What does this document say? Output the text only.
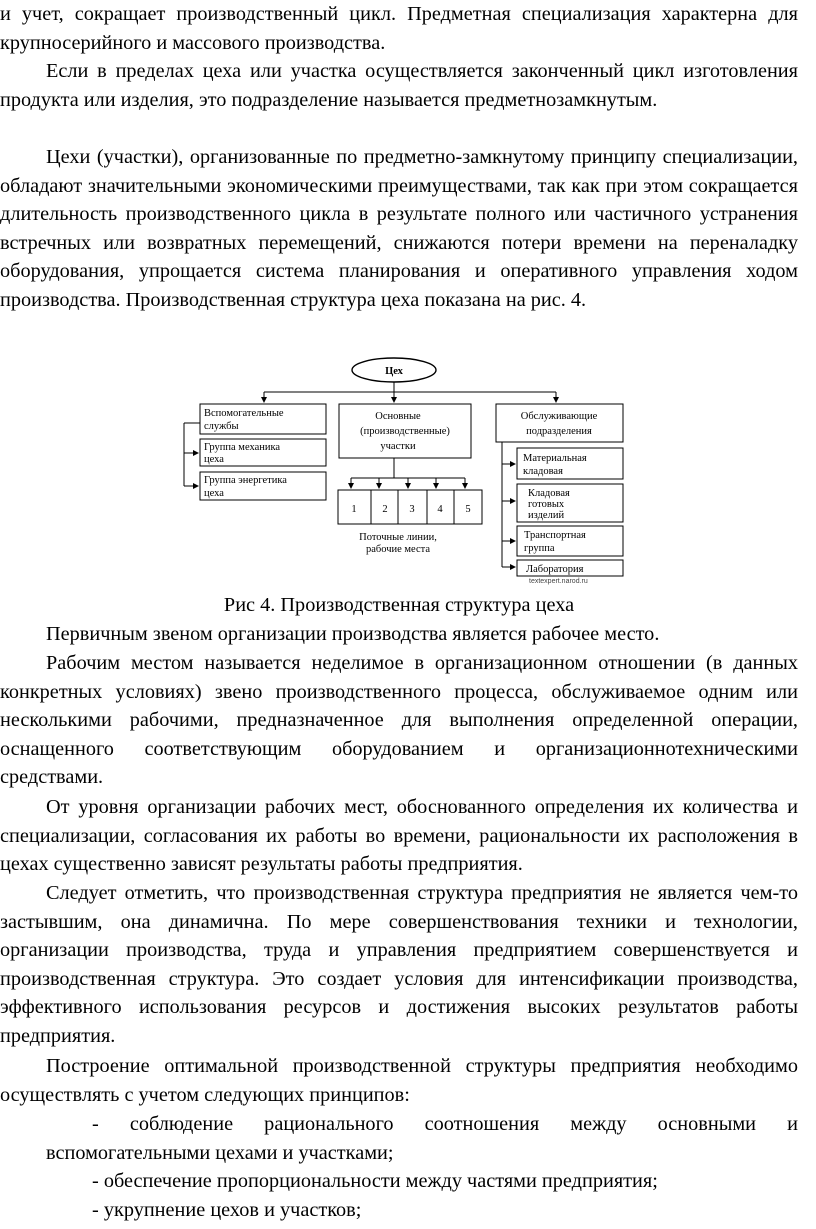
и учет, сокращает производственный цикл. Предметная специализация характерна для крупносерийного и массового производства.

Если в пределах цеха или участка осуществляется законченный цикл изготовления продукта или изделия, это подразделение называется предметнозамкнутым.

Цехи (участки), организованные по предметно-замкнутому принципу специализации, обладают значительными экономическими преимуществами, так как при этом сокращается длительность производственного цикла в результате полного или частичного устранения встречных или возвратных перемещений, снижаются потери времени на переналадку оборудования, упрощается система планирования и оперативного управления ходом производства. Производственная структура цеха показана на рис. 4.

Цех
Вспомогательные
службы
Группа механика
цеха
Группа энергетика
цеха
Основные
(производственные)
участки
1 2 3 4 5
Поточные линии,
рабочие места
Обслуживающие
подразделения
Материальная
кладовая
Кладовая
готовых
изделий
Транспортная
группа
Лаборатория
textexpert.narod.ru

Рис 4. Производственная структура цеха

Первичным звеном организации производства является рабочее место.

Рабочим местом называется неделимое в организационном отношении (в данных конкретных условиях) звено производственного процесса, обслуживаемое одним или несколькими рабочими, предназначенное для выполнения определенной операции, оснащенного соответствующим оборудованием и организационнотехническими средствами.

От уровня организации рабочих мест, обоснованного определения их количества и специализации, согласования их работы во времени, рациональности их расположения в цехах существенно зависят результаты работы предприятия.

Следует отметить, что производственная структура предприятия не является чем-то застывшим, она динамична. По мере совершенствования техники и технологии, организации производства, труда и управления предприятием совершенствуется и производственная структура. Это создает условия для интенсификации производства, эффективного использования ресурсов и достижения высоких результатов работы предприятия.

Построение оптимальной производственной структуры предприятия необходимо осуществлять с учетом следующих принципов:

- соблюдение рационального соотношения между основными и вспомогательными цехами и участками;

- обеспечение пропорциональности между частями предприятия;

- укрупнение цехов и участков;
